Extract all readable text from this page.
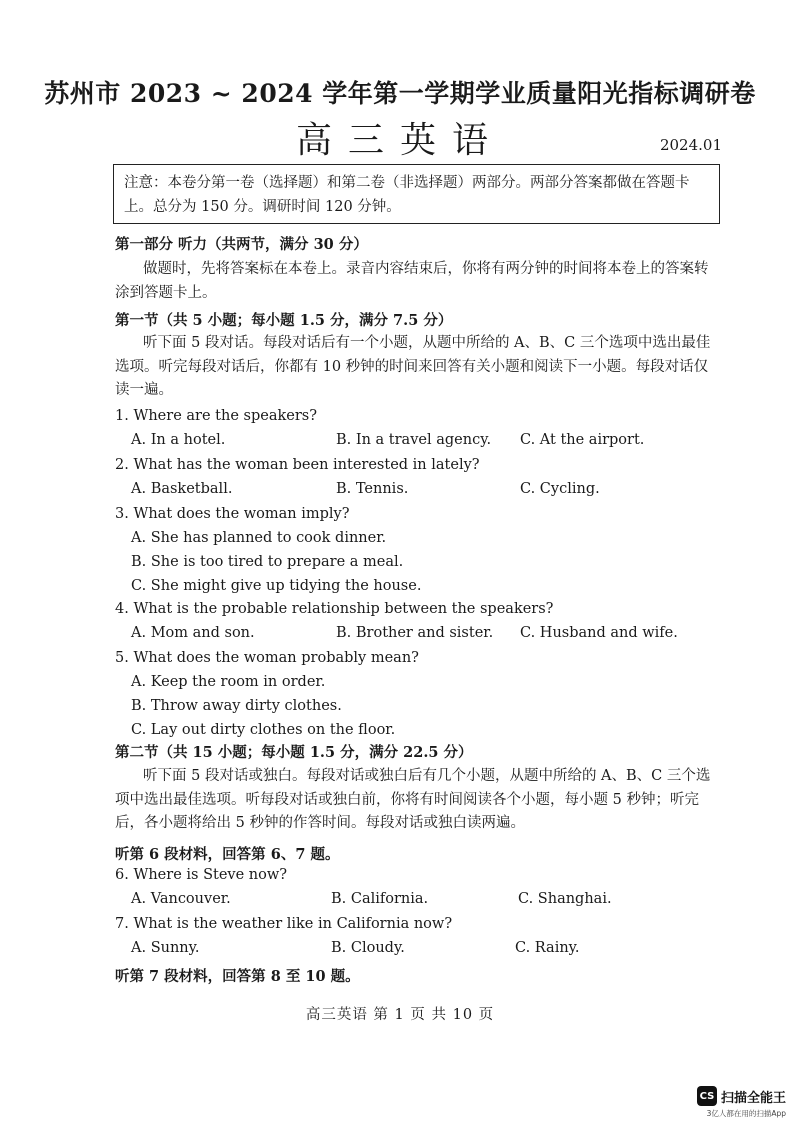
苏州市 2023 ~ 2024 学年第一学期学业质量阳光指标调研卷
高三英语	2024.01
注意：本卷分第一卷（选择题）和第二卷（非选择题）两部分。两部分答案都做在答题卡上。总分为 150 分。调研时间 120 分钟。
第一部分 听力（共两节，满分 30 分）
做题时，先将答案标在本卷上。录音内容结束后，你将有两分钟的时间将本卷上的答案转涂到答题卡上。
第一节（共 5 小题；每小题 1.5 分，满分 7.5 分）
听下面 5 段对话。每段对话后有一个小题，从题中所给的 A、B、C 三个选项中选出最佳选项。听完每段对话后，你都有 10 秒钟的时间来回答有关小题和阅读下一小题。每段对话仅读一遍。
1. Where are the speakers?
A. In a hotel.	B. In a travel agency. C. At the airport.
2. What has the woman been interested in lately?
A. Basketball.	B. Tennis.	C. Cycling.
3. What does the woman imply?
A. She has planned to cook dinner.
B. She is too tired to prepare a meal.
C. She might give up tidying the house.
4. What is the probable relationship between the speakers?
A. Mom and son.	B. Brother and sister. C. Husband and wife.
5. What does the woman probably mean?
A. Keep the room in order.
B. Throw away dirty clothes.
C. Lay out dirty clothes on the floor.
第二节（共 15 小题；每小题 1.5 分，满分 22.5 分）
听下面 5 段对话或独白。每段对话或独白后有几个小题，从题中所给的 A、B、C 三个选项中选出最佳选项。听每段对话或独白前，你将有时间阅读各个小题，每小题 5 秒钟；听完后，各小题将给出 5 秒钟的作答时间。每段对话或独白读两遍。
听第 6 段材料，回答第 6、7 题。
6. Where is Steve now?
A. Vancouver.	B. California.	C. Shanghai.
7. What is the weather like in California now?
A. Sunny.	B. Cloudy.	C. Rainy.
听第 7 段材料，回答第 8 至 10 题。
高三英语 第 1 页 共 10 页
CS 扫描全能王
3亿人都在用的扫描App
